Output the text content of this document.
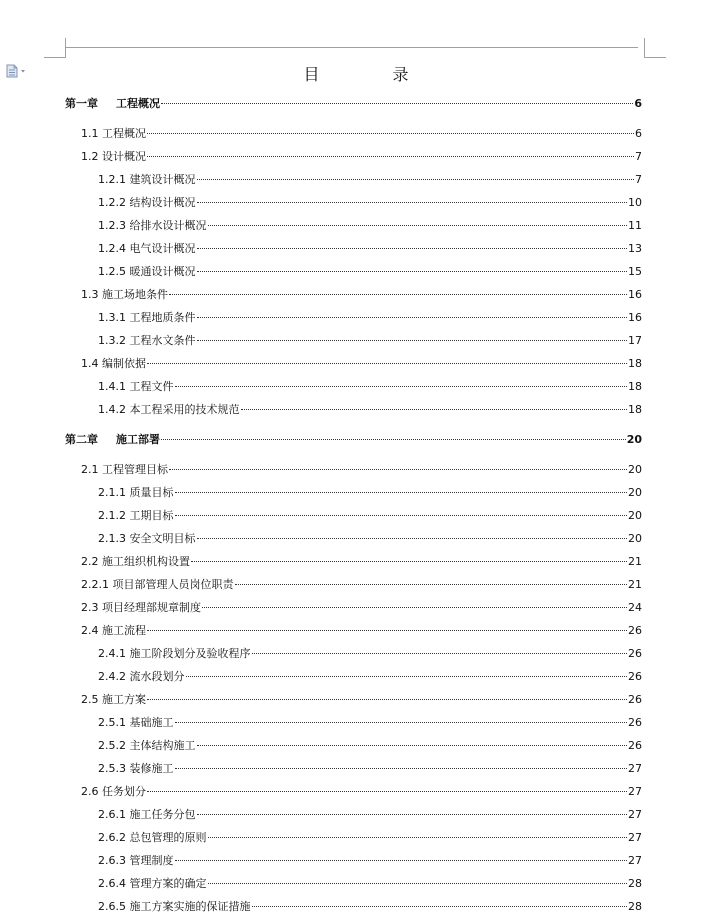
目 录
第一章 工程概况	6
1.1 工程概况	6
1.2 设计概况	7
1.2.1 建筑设计概况	7
1.2.2 结构设计概况	10
1.2.3 给排水设计概况	11
1.2.4 电气设计概况	13
1.2.5 暖通设计概况	15
1.3 施工场地条件	16
1.3.1 工程地质条件	16
1.3.2 工程水文条件	17
1.4 编制依据	18
1.4.1 工程文件	18
1.4.2 本工程采用的技术规范	18
第二章 施工部署	20
2.1 工程管理目标	20
2.1.1 质量目标	20
2.1.2 工期目标	20
2.1.3 安全文明目标	20
2.2 施工组织机构设置	21
2.2.1 项目部管理人员岗位职责	21
2.3 项目经理部规章制度	24
2.4 施工流程	26
2.4.1 施工阶段划分及验收程序	26
2.4.2 流水段划分	26
2.5 施工方案	26
2.5.1 基础施工	26
2.5.2 主体结构施工	26
2.5.3 装修施工	27
2.6 任务划分	27
2.6.1 施工任务分包	27
2.6.2 总包管理的原则	27
2.6.3 管理制度	27
2.6.4 管理方案的确定	28
2.6.5 施工方案实施的保证措施	28
